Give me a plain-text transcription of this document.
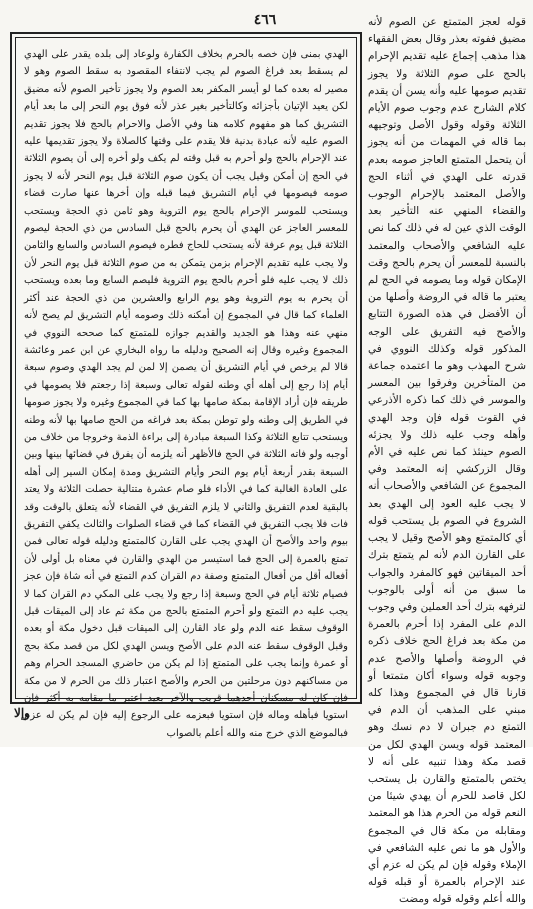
٤٦٦	قوله لعجز المتمتع عن الصوم لأنه مضيق ففوته بعذر وقال بعض الفقهاء هذا مذهب إجماع عليه تقديم الإحرام بالحج على صوم الثلاثة ولا يجوز تقديم صومها عليه وأنه يسن أن يقدم كلام الشارح عدم وجوب صوم الأيام الثلاثة وقوله وقول الأصل وتوجيهه بما قاله في المهمات من أنه يجوز أن يتحمل المتمتع العاجز صومه بعدم قدرته على الهدي في أثناء الحج والأصل المعتمد بالإحرام الوجوب والقضاء المنهي عنه التأخير بعد الوقت الذي عين له في ذلك كما نص عليه الشافعي والأصحاب والمعتمد بالنسبة للمعسر أن يحرم بالحج وقت الإمكان قوله وما يصومه في الحج لم يعتبر ما قاله في الروضة وأصلها من أن الأفضل في هذه الصورة التتابع والأصح فيه التفريق على الوجه المذكور قوله وكذلك النووي في شرح المهذب وهو ما اعتمده جماعة من المتأخرين وفرقوا بين المعسر والموسر في ذلك كما ذكره الأذرعي في القوت قوله فإن وجد الهدي وأهله وجب عليه ذلك ولا يجزئه الصوم حينئذ كما نص عليه في الأم وقال الزركشي إنه المعتمد وفي المجموع عن الشافعي والأصحاب أنه لا يجب عليه العود إلى الهدي بعد الشروع في الصوم بل يستحب قوله أي كالمتمتع وهو الأصح وقيل لا يجب على القارن الدم لأنه لم يتمتع بترك أحد الميقاتين فهو كالمفرد والجواب ما سبق من أنه أولى بالوجوب لترفهه بترك أحد العملين وفي وجوب الدم على المفرد إذا أحرم بالعمرة من مكة بعد فراغ الحج خلاف ذكره في الروضة وأصلها والأصح عدم وجوبه قوله وسواء أكان متمتعا أو قارنا قال في المجموع وهذا كله مبني على المذهب أن الدم في التمتع دم جبران لا دم نسك وهو المعتمد قوله ويسن الهدي لكل من قصد مكة وهذا تنبيه على أنه لا يختص بالمتمتع والقارن بل يستحب لكل قاصد للحرم أن يهدي شيئا من النعم قوله من الحرم هذا هو المعتمد ومقابله من مكة قال في المجموع والأول هو ما نص عليه الشافعي في الإملاء وقوله فإن لم يكن له عزم أي عند الإحرام بالعمرة أو قبله قوله والله أعلم وقوله قوله ومضت

الهدي بمنى فإن خصه بالحرم بخلاف الكفارة ولوعاد إلى بلده يقدر على الهدي لم يسقط بعد فراغ الصوم لم يجب لانتفاء المقصود به سقط الصوم وهو لا مصير له بعده كما لو أيسر المكفر بعد الصوم ولا يجوز تأخير الصوم لأنه مضيق لكن يعيد الإتيان بأجزائه وكالتأخير بغير عذر لأنه فوق يوم النحر إلى ما بعد أيام التشريق كما هو مفهوم كلامه هنا وفي الأصل والاحرام بالحج فلا يجوز تقديم الصوم عليه لأنه عبادة بدنية فلا يقدم على وقتها كالصلاة ولا يجوز تقديمها عليه عند الإحرام بالحج ولو أحرم به قبل وقته لم يكف ولو أخره إلى أن يصوم الثلاثة في الحج إن أمكن وقيل يجب أن يكون صوم الثلاثة قبل يوم النحر لأنه لا يجوز صومه فيصومها في أيام التشريق فيما قبله وإن أخرها عنها صارت قضاء ويستحب للموسر الإحرام بالحج يوم التروية وهو ثامن ذي الحجة ويستحب للمعسر العاجز عن الهدي أن يحرم بالحج قبل السادس من ذي الحجة ليصوم الثلاثة قبل يوم عرفة لأنه يستحب للحاج فطره فيصوم السادس والسابع والثامن ولا يجب عليه تقديم الإحرام بزمن يتمكن به من صوم الثلاثة قبل يوم النحر لأن ذلك لا يجب عليه فلو أحرم بالحج يوم التروية فليصم السابع وما بعده ويستحب أن يحرم به يوم التروية وهو يوم الرابع والعشرين من ذي الحجة عند أكثر العلماء كما قال في المجموع إن أمكنه ذلك وصومه أيام التشريق لم يصح لأنه منهي عنه وهذا هو الجديد والقديم جوازه للمتمتع كما صححه النووي في المجموع وغيره وقال إنه الصحيح ودليله ما رواه البخاري عن ابن عمر وعائشة قالا لم يرخص في أيام التشريق أن يصمن إلا لمن لم يجد الهدي وصوم سبعة أيام إذا رجع إلى أهله أي وطنه لقوله تعالى وسبعة إذا رجعتم فلا يصومها في طريقه فإن أراد الإقامة بمكة صامها بها كما في المجموع وغيره ولا يجوز صومها في الطريق إلى وطنه ولو توطن بمكة بعد فراغه من الحج صامها بها لأنه وطنه ويستحب تتابع الثلاثة وكذا السبعة مبادرة إلى براءة الذمة وخروجا من خلاف من أوجبه ولو فاته الثلاثة في الحج فالأظهر أنه يلزمه أن يفرق في قضائها بينها وبين السبعة بقدر أربعة أيام يوم النحر وأيام التشريق ومدة إمكان السير إلى أهله على العادة الغالبة كما في الأداء فلو صام عشرة متتالية حصلت الثلاثة ولا يعتد بالبقية لعدم التفريق والثاني لا يلزم التفريق في القضاء لأنه يتعلق بالوقت وقد فات فلا يجب التفريق في القضاء كما في قضاء الصلوات والثالث يكفي التفريق بيوم واحد والأصح أن الهدي يجب على القارن كالمتمتع ودليله قوله تعالى فمن تمتع بالعمرة إلى الحج فما استيسر من الهدي والقارن في معناه بل أولى لأن أفعاله أقل من أفعال المتمتع وصفة دم القران كدم التمتع في أنه شاة فإن عجز فصيام ثلاثة أيام في الحج وسبعة إذا رجع ولا يجب على المكي دم القران كما لا يجب عليه دم التمتع ولو أحرم المتمتع بالحج من مكة ثم عاد إلى الميقات قبل الوقوف سقط عنه الدم ولو عاد القارن إلى الميقات قبل دخول مكة أو بعده وقبل الوقوف سقط عنه الدم على الأصح ويسن الهدي لكل من قصد مكة بحج أو عمرة وإنما يجب على المتمتع إذا لم يكن من حاضري المسجد الحرام وهم من مساكنهم دون مرحلتين من الحرم والأصح اعتبار ذلك من الحرم لا من مكة فإن كان له مسكنان أحدهما قريب والآخر بعيد اعتبر ما مقامه به أكثر فإن استويا فبأهله وماله فإن استويا فبعزمه على الرجوع إليه فإن لم يكن له عزم فبالموضع الذي خرج منه والله أعلم بالصواب

وإلا
